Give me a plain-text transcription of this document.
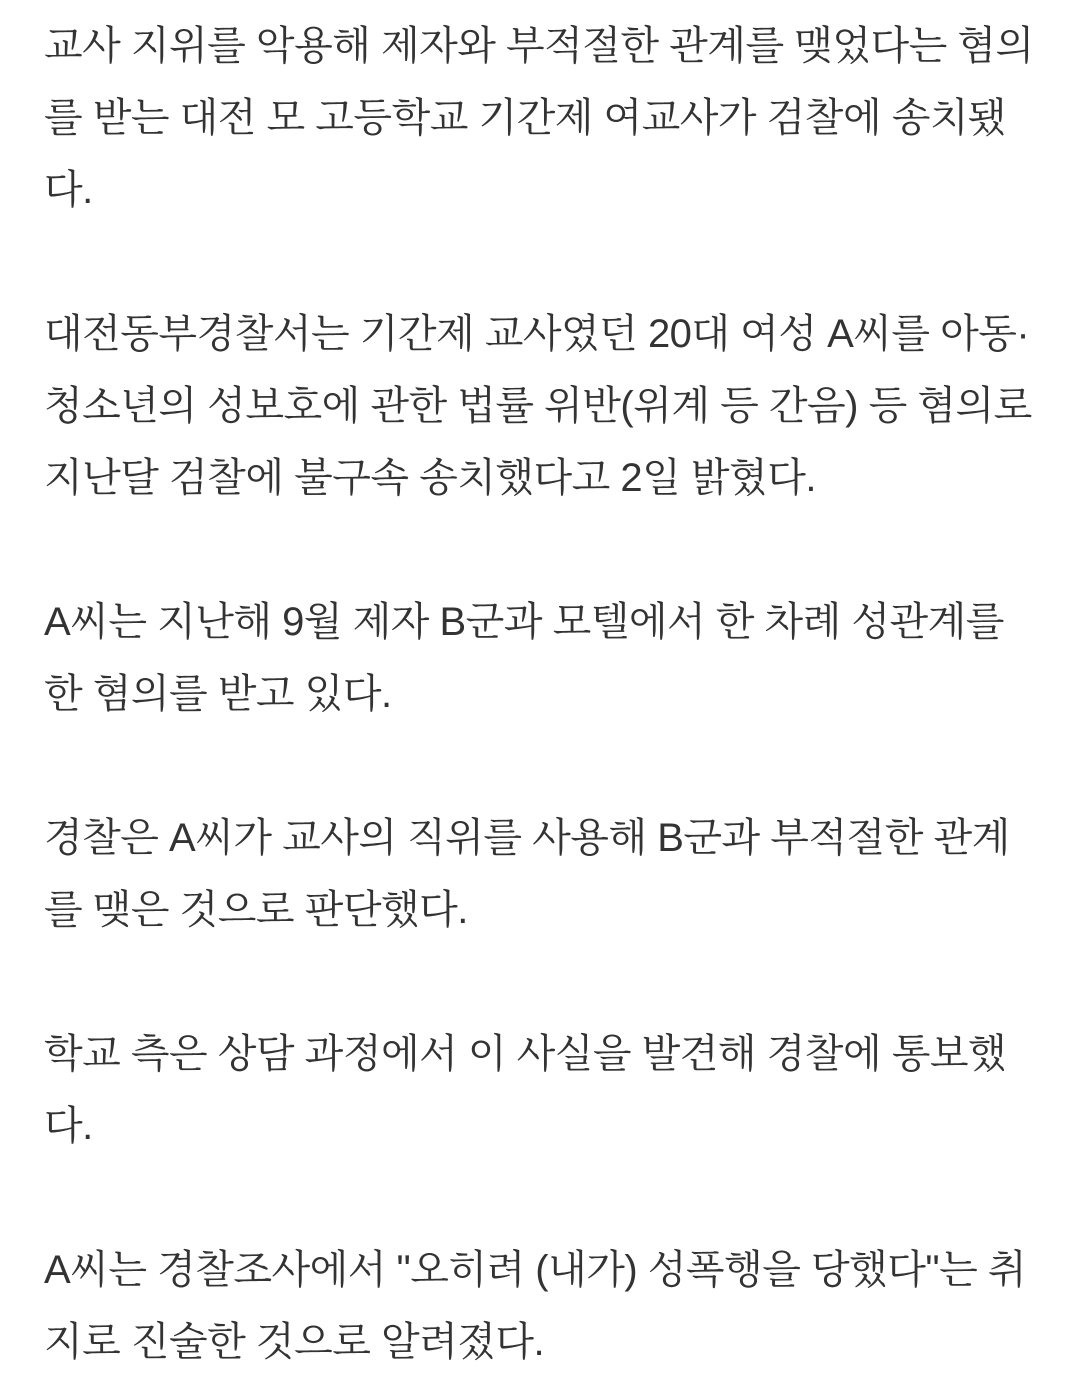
교사 지위를 악용해 제자와 부적절한 관계를 맺었다는 혐의를 받는 대전 모 고등학교 기간제 여교사가 검찰에 송치됐다.

대전동부경찰서는 기간제 교사였던 20대 여성 A씨를 아동·청소년의 성보호에 관한 법률 위반(위계 등 간음) 등 혐의로 지난달 검찰에 불구속 송치했다고 2일 밝혔다.

A씨는 지난해 9월 제자 B군과 모텔에서 한 차례 성관계를 한 혐의를 받고 있다.

경찰은 A씨가 교사의 직위를 사용해 B군과 부적절한 관계를 맺은 것으로 판단했다.

학교 측은 상담 과정에서 이 사실을 발견해 경찰에 통보했다.

A씨는 경찰조사에서 "오히려 (내가) 성폭행을 당했다"는 취지로 진술한 것으로 알려졌다.
